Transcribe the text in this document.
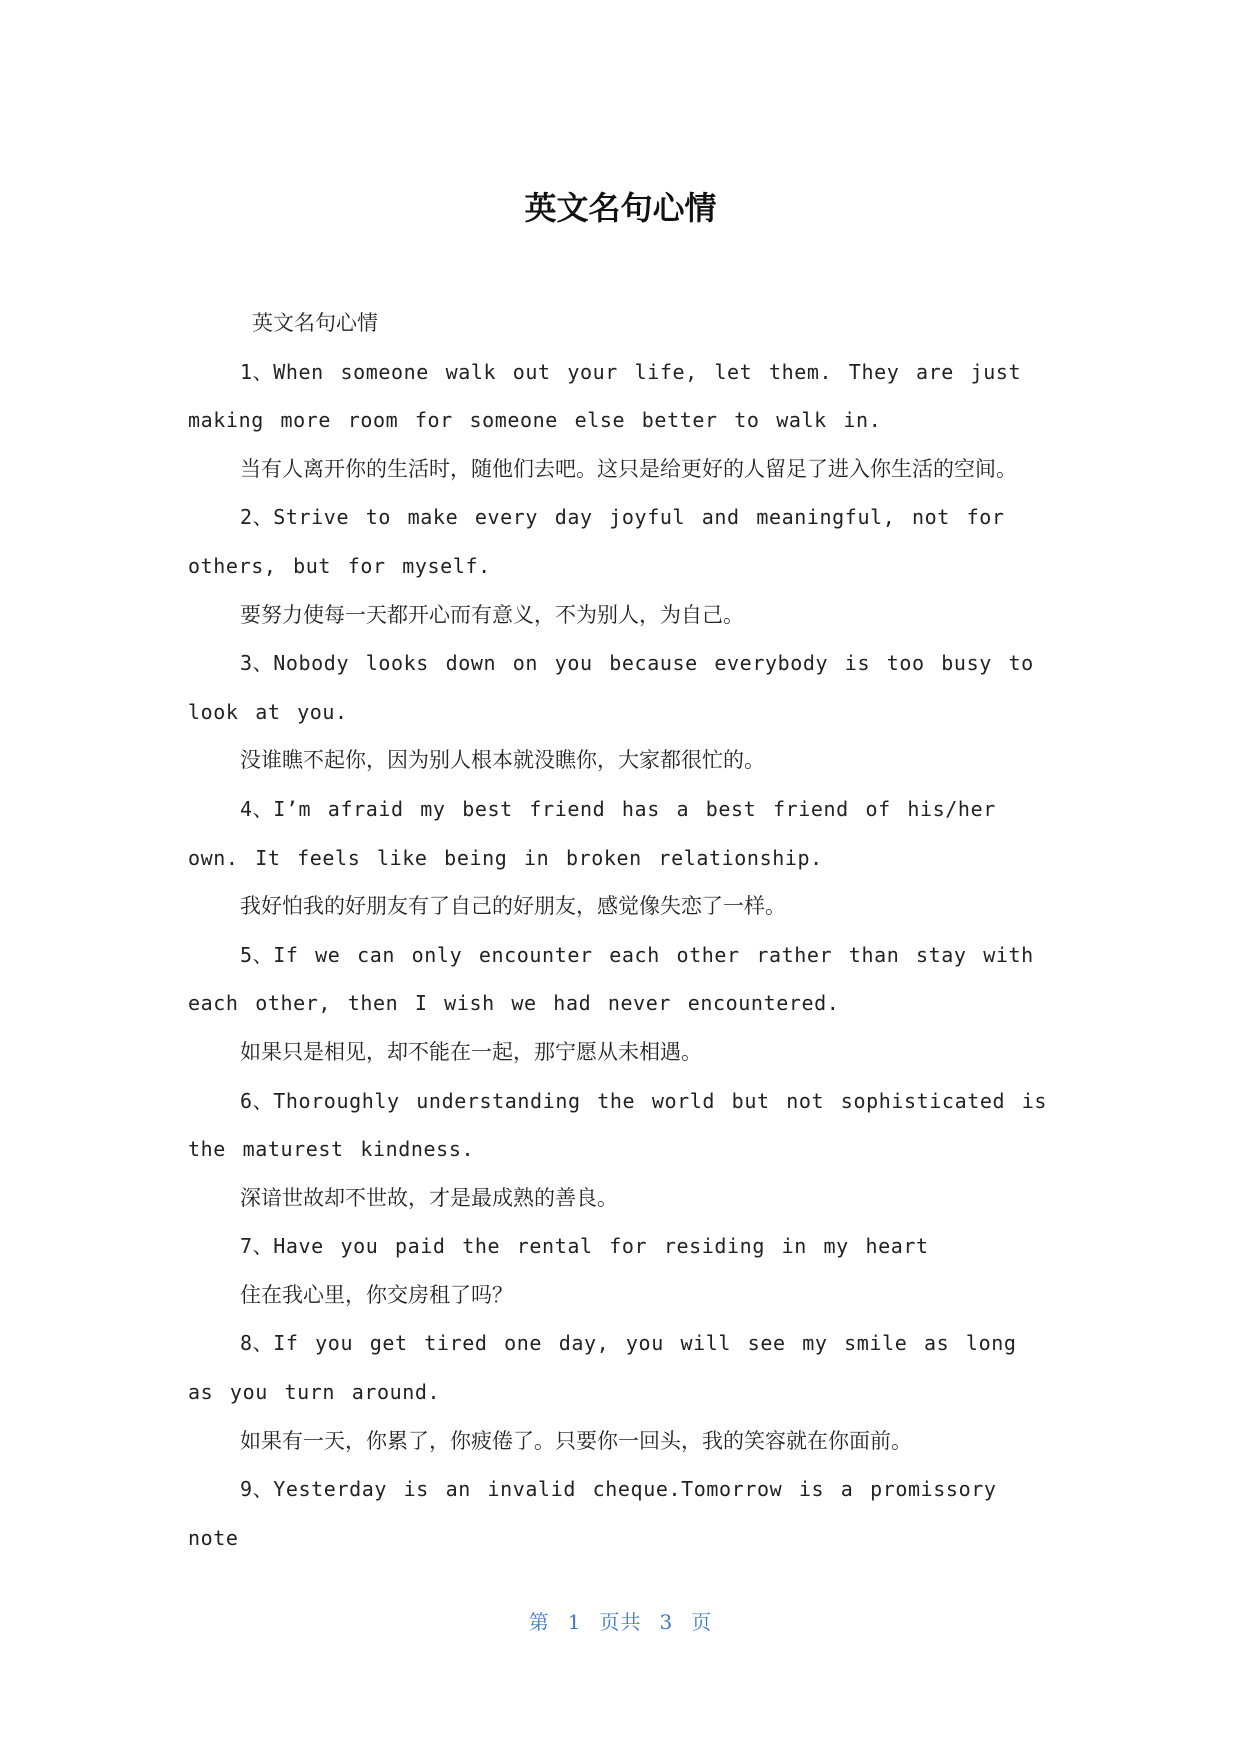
英文名句心情

英文名句心情

1、When someone walk out your life, let them. They are just making more room for someone else better to walk in.

当有人离开你的生活时，随他们去吧。这只是给更好的人留足了进入你生活的空间。

2、Strive to make every day joyful and meaningful, not for others, but for myself.

要努力使每一天都开心而有意义，不为别人，为自己。

3、Nobody looks down on you because everybody is too busy to look at you.

没谁瞧不起你，因为别人根本就没瞧你，大家都很忙的。

4、I’m afraid my best friend has a best friend of his/her own. It feels like being in broken relationship.

我好怕我的好朋友有了自己的好朋友，感觉像失恋了一样。

5、If we can only encounter each other rather than stay with each other, then I wish we had never encountered.

如果只是相见，却不能在一起，那宁愿从未相遇。

6、Thoroughly understanding the world but not sophisticated is the maturest kindness.

深谙世故却不世故，才是最成熟的善良。

7、Have you paid the rental for residing in my heart

住在我心里，你交房租了吗？

8、If you get tired one day, you will see my smile as long as you turn around.

如果有一天，你累了，你疲倦了。只要你一回头，我的笑容就在你面前。

9、Yesterday is an invalid cheque.Tomorrow is a promissory note

第 1 页共 3 页
